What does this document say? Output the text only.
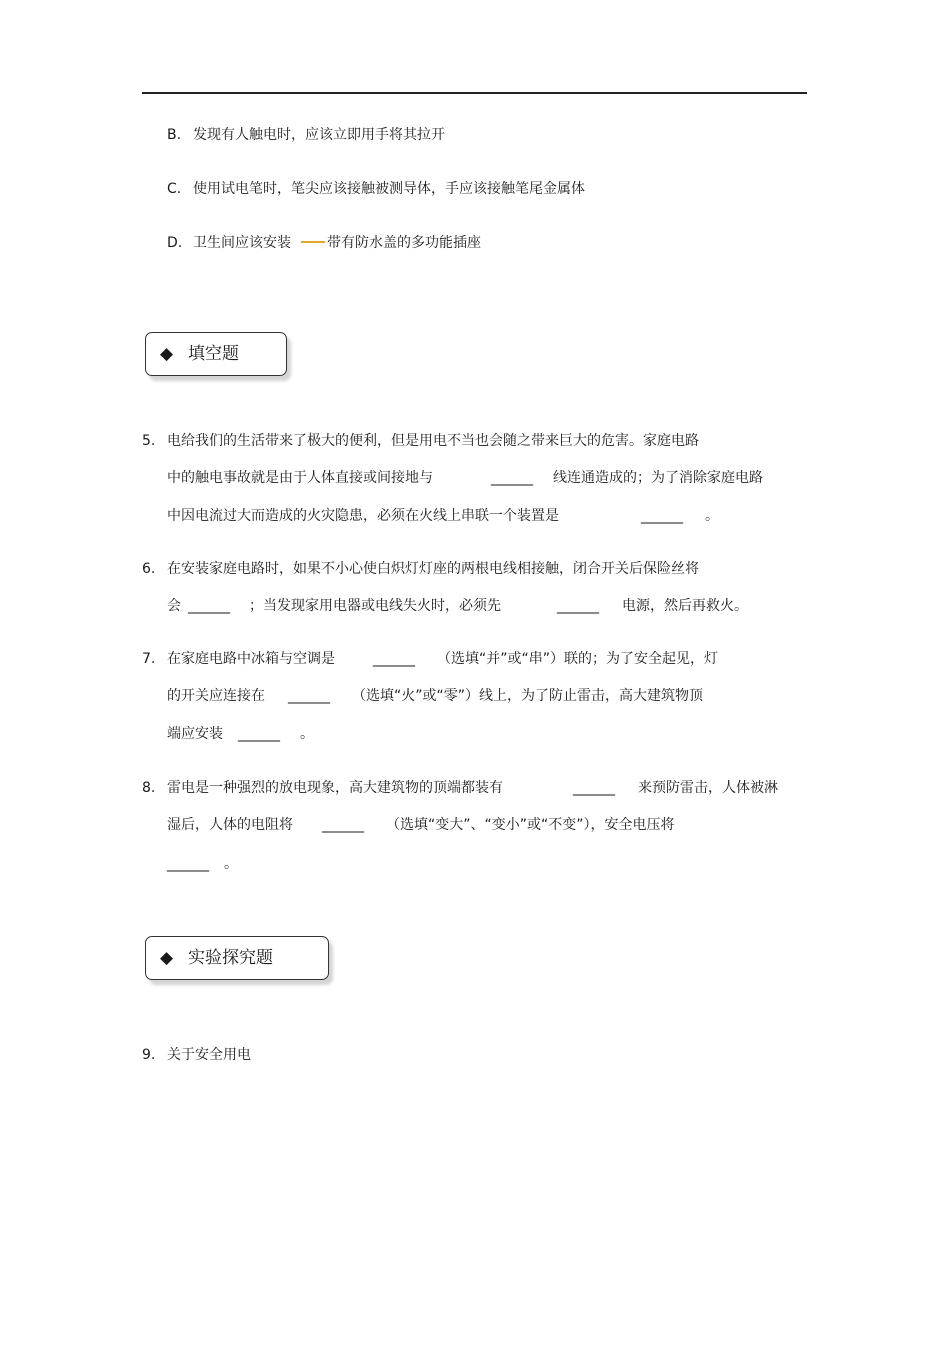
B. 发现有人触电时，应该立即用手将其拉开
C. 使用试电笔时，笔尖应该接触被测导体，手应该接触笔尾金属体
D. 卫生间应该安装	带有防水盖的多功能插座
◆ 填空题
5. 电给我们的生活带来了极大的便利，但是用电不当也会随之带来巨大的危害。家庭电路
中的触电事故就是由于人体直接或间接地与	______ 线连通造成的；为了消除家庭电路
中因电流过大而造成的火灾隐患，必须在火线上串联一个装置是	______ 。
6. 在安装家庭电路时，如果不小心使白炽灯灯座的两根电线相接触，闭合开关后保险丝将
会 ______ ；当发现家用电器或电线失火时，必须先	______ 电源，然后再救火。
7. 在家庭电路中冰箱与空调是	______ （选填“并”或“串”）联的；为了安全起见，灯
的开关应连接在 ______ （选填“火”或“零”）线上，为了防止雷击，高大建筑物顶
端应安装 ______ 。
8. 雷电是一种强烈的放电现象，高大建筑物的顶端都装有	______ 来预防雷击，人体被淋
湿后，人体的电阻将 ______ （选填“变大”、“变小”或“不变”），安全电压将
______ 。
◆ 实验探究题
9. 关于安全用电
